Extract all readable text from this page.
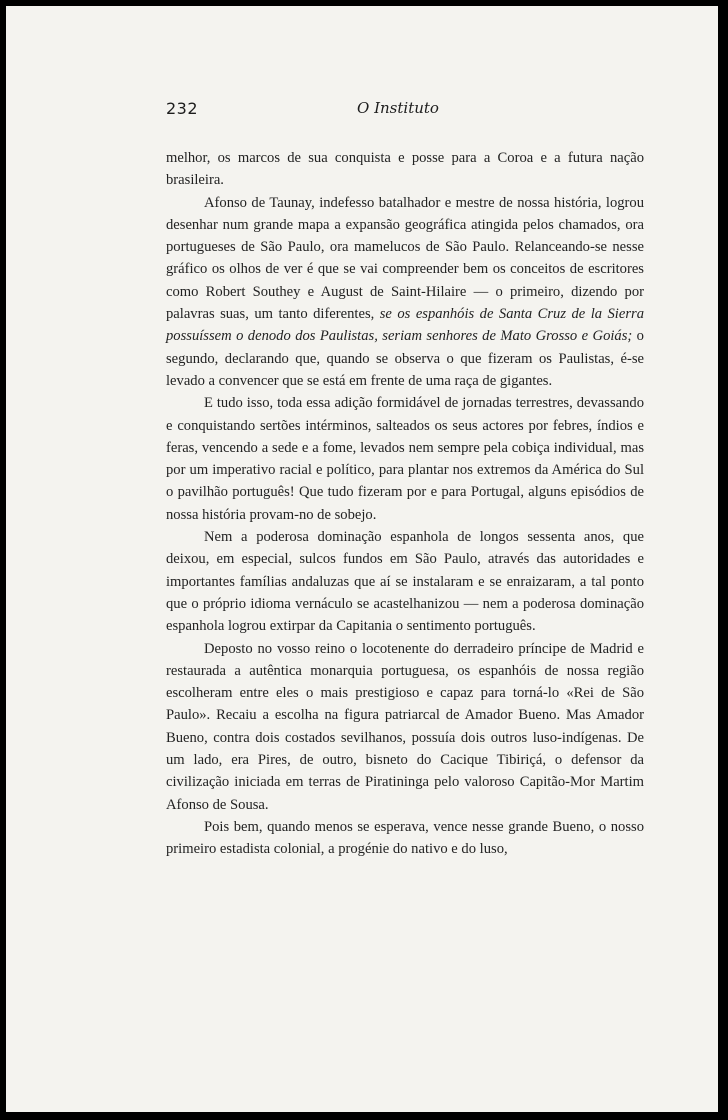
232	O Instituto

melhor, os marcos de sua conquista e posse para a Coroa e a futura nação brasileira.

Afonso de Taunay, indefesso batalhador e mestre de nossa história, logrou desenhar num grande mapa a expansão geográfica atingida pelos chamados, ora portugueses de São Paulo, ora mamelucos de São Paulo. Relanceando-se nesse gráfico os olhos de ver é que se vai compreender bem os conceitos de escritores como Robert Southey e August de Saint-Hilaire — o primeiro, dizendo por palavras suas, um tanto diferentes, se os espanhóis de Santa Cruz de la Sierra possuíssem o denodo dos Paulistas, seriam senhores de Mato Grosso e Goiás; o segundo, declarando que, quando se observa o que fizeram os Paulistas, é-se levado a convencer que se está em frente de uma raça de gigantes.

E tudo isso, toda essa adição formidável de jornadas terrestres, devassando e conquistando sertões intérminos, salteados os seus actores por febres, índios e feras, vencendo a sede e a fome, levados nem sempre pela cobiça individual, mas por um imperativo racial e político, para plantar nos extremos da América do Sul o pavilhão português! Que tudo fizeram por e para Portugal, alguns episódios de nossa história provam-no de sobejo.

Nem a poderosa dominação espanhola de longos sessenta anos, que deixou, em especial, sulcos fundos em São Paulo, através das autoridades e importantes famílias andaluzas que aí se instalaram e se enraizaram, a tal ponto que o próprio idioma vernáculo se acastelhanizou — nem a poderosa dominação espanhola logrou extirpar da Capitania o sentimento português.

Deposto no vosso reino o locotenente do derradeiro príncipe de Madrid e restaurada a autêntica monarquia portuguesa, os espanhóis de nossa região escolheram entre eles o mais prestigioso e capaz para torná-lo «Rei de São Paulo». Recaiu a escolha na figura patriarcal de Amador Bueno. Mas Amador Bueno, contra dois costados sevilhanos, possuía dois outros luso-indígenas. De um lado, era Pires, de outro, bisneto do Cacique Tibiriçá, o defensor da civilização iniciada em terras de Piratininga pelo valoroso Capitão-Mor Martim Afonso de Sousa.

Pois bem, quando menos se esperava, vence nesse grande Bueno, o nosso primeiro estadista colonial, a progénie do nativo e do luso,
